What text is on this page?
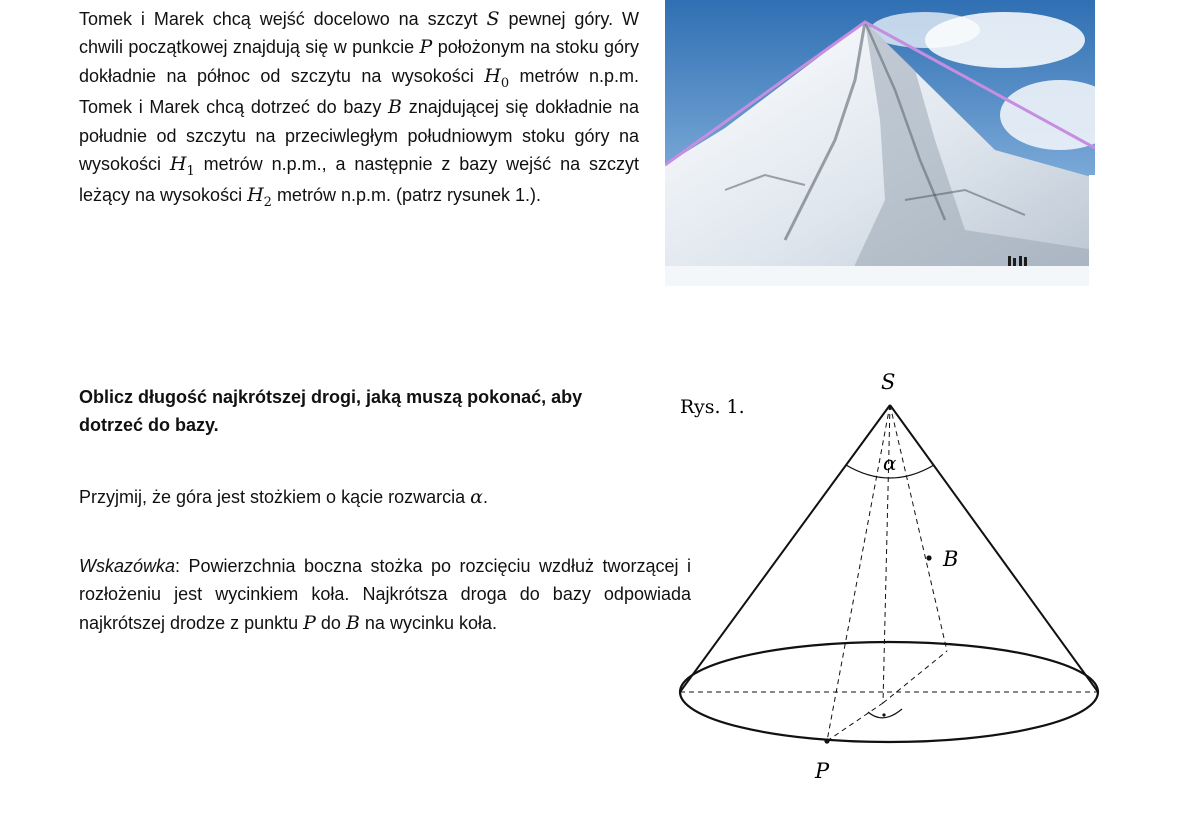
Tomek i Marek chcą wejść docelowo na szczyt S pewnej góry. W chwili początkowej znajdują się w punkcie P położonym na stoku góry dokładnie na północ od szczytu na wysokości $H_0$ metrów n.p.m. Tomek i Marek chcą dotrzeć do bazy B znajdującej się dokładnie na południe od szczytu na przeciwległym południowym stoku góry na wysokości $H_1$ metrów n.p.m., a następnie z bazy wejść na szczyt leżący na wysokości $H_2$ metrów n.p.m. (patrz rysunek 1.).

Oblicz długość najkrótszej drogi, jaką muszą pokonać, aby dotrzeć do bazy.

Przyjmij, że góra jest stożkiem o kącie rozwarcia α.

Wskazówka: Powierzchnia boczna stożka po rozcięciu wzdłuż tworzącej i rozłożeniu jest wycinkiem koła. Najkrótsza droga do bazy odpowiada najkrótszej drodze z punktu P do B na wycinku koła.

Rys. 1.
S
α
B
P
